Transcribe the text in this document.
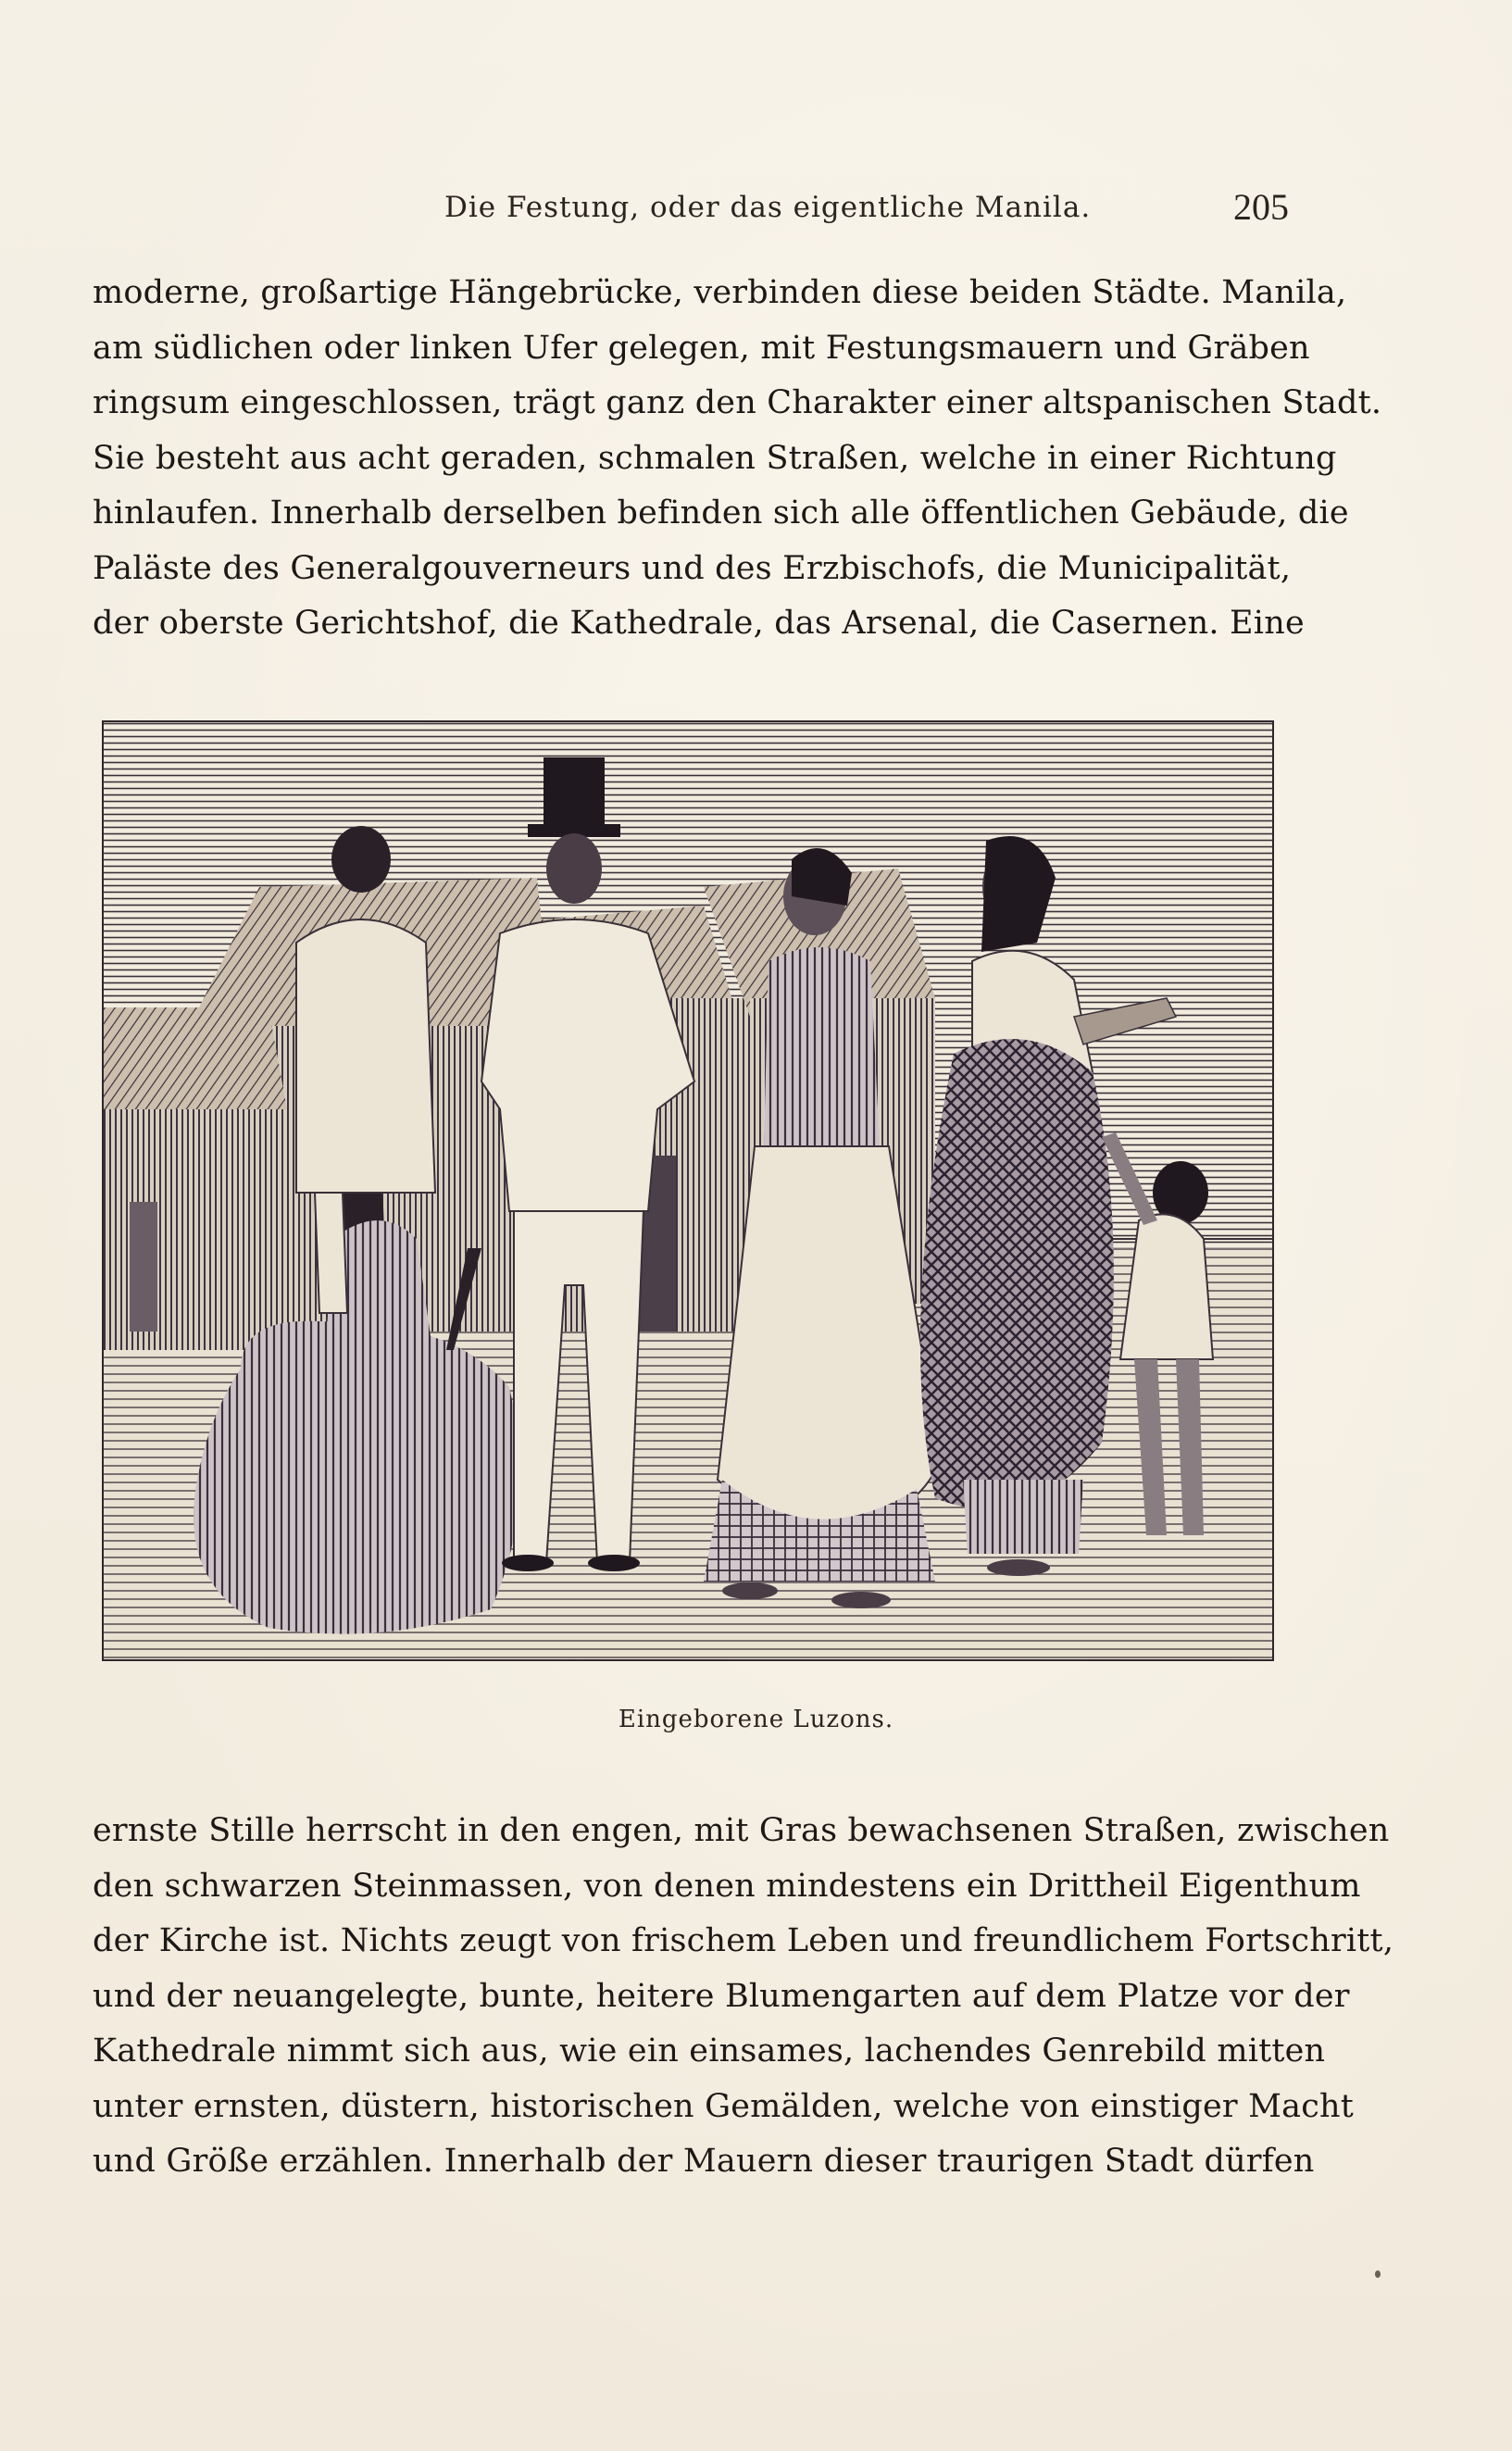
Die Festung, oder das eigentliche Manila.	205
moderne, großartige Hängebrücke, verbinden diese beiden Städte. Manila,
am südlichen oder linken Ufer gelegen, mit Festungsmauern und Gräben
ringsum eingeschlossen, trägt ganz den Charakter einer altspanischen Stadt.
Sie besteht aus acht geraden, schmalen Straßen, welche in einer Richtung
hinlaufen. Innerhalb derselben befinden sich alle öffentlichen Gebäude, die
Paläste des Generalgouverneurs und des Erzbischofs, die Municipalität,
der oberste Gerichtshof, die Kathedrale, das Arsenal, die Casernen. Eine
Eingeborene Luzons.
ernste Stille herrscht in den engen, mit Gras bewachsenen Straßen, zwischen
den schwarzen Steinmassen, von denen mindestens ein Drittheil Eigenthum
der Kirche ist. Nichts zeugt von frischem Leben und freundlichem Fortschritt,
und der neuangelegte, bunte, heitere Blumengarten auf dem Platze vor der
Kathedrale nimmt sich aus, wie ein einsames, lachendes Genrebild mitten
unter ernsten, düstern, historischen Gemälden, welche von einstiger Macht
und Größe erzählen. Innerhalb der Mauern dieser traurigen Stadt dürfen
